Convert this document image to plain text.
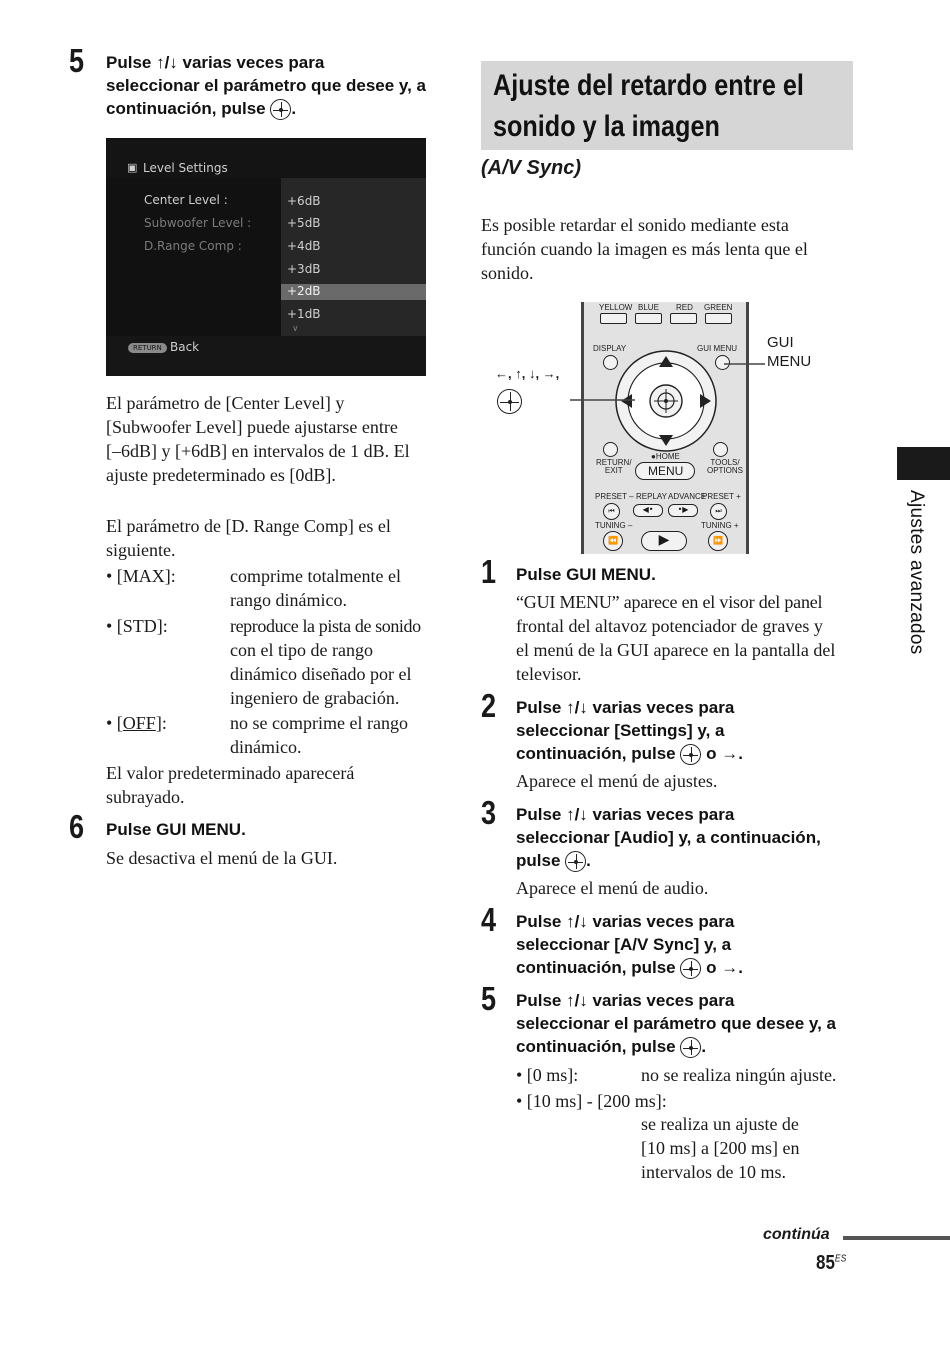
5 Pulse ↑/↓ varias veces para
seleccionar el parámetro que desee y, a
continuación, pulse .
▣ Level Settings
Center Level :
Subwoofer Level :
D.Range Comp :
+6dB
+5dB
+4dB
+3dB
+2dB
+1dB
∨
RETURN Back
El parámetro de [Center Level] y
[Subwoofer Level] puede ajustarse entre
[–6dB] y [+6dB] en intervalos de 1 dB. El
ajuste predeterminado es [0dB].
El parámetro de [D. Range Comp] es el
siguiente.
• [MAX]:	comprime totalmente el
rango dinámico.
• [STD]:	reproduce la pista de sonido
con el tipo de rango
dinámico diseñado por el
ingeniero de grabación.
• [OFF]:	no se comprime el rango
dinámico.
El valor predeterminado aparecerá
subrayado.
6 Pulse GUI MENU.
Se desactiva el menú de la GUI.
Ajuste del retardo entre el
sonido y la imagen
(A/V Sync)
Es posible retardar el sonido mediante esta
función cuando la imagen es más lenta que el
sonido.
YELLOW BLUE RED GREEN
DISPLAY	GUI MENU
RETURN/
EXIT
●HOME
MENU
TOOLS/
OPTIONS
PRESET – REPLAY ADVANCE
PRESET +
⏮	◀•	•▶	⏭
TUNING –	TUNING +
⏪	▶	⏩
GUI
MENU
←, ↑, ↓, →,
1 Pulse GUI MENU.
“GUI MENU” aparece en el visor del panel
frontal del altavoz potenciador de graves y
el menú de la GUI aparece en la pantalla del
televisor.
2 Pulse ↑/↓ varias veces para
seleccionar [Settings] y, a
continuación, pulse
o →.
Aparece el menú de ajustes.
3 Pulse ↑/↓ varias veces para
seleccionar [Audio] y, a continuación,
pulse .
Aparece el menú de audio.
4 Pulse ↑/↓ varias veces para
seleccionar [A/V Sync] y, a
continuación, pulse
o →.
5 Pulse ↑/↓ varias veces para
seleccionar el parámetro que desee y, a
continuación, pulse .
• [0 ms]:	no se realiza ningún ajuste.
• [10 ms] - [200 ms]:
se realiza un ajuste de
[10 ms] a [200 ms] en
intervalos de 10 ms.
Ajustes avanzados
continúa
$85^{ES}$
